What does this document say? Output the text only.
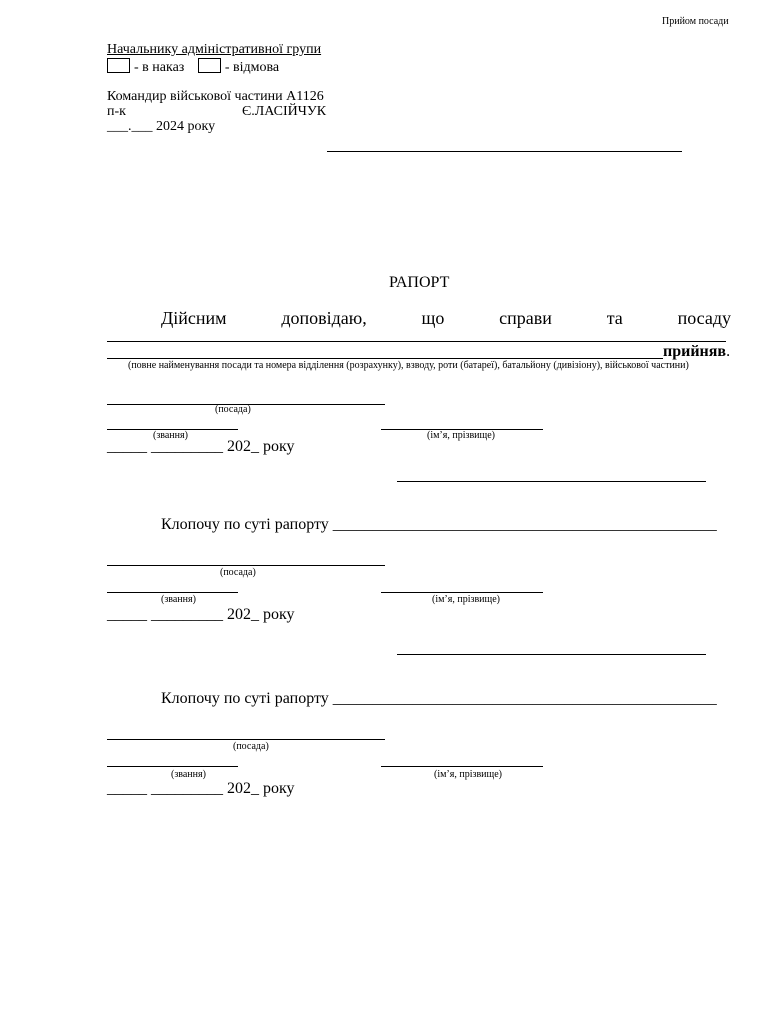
Прийом посади
Начальнику адміністративної групи
- в наказ	- відмова
Командир військової частини А1126
п-к	Є.ЛАСІЙЧУК
___.___ 2024 року
РАПОРТ
Дійсним	доповідаю,	що	справи	та	посаду
прийняв.
(повне найменування посади та номера відділення (розрахунку), взводу, роти (батареї), батальйону (дивізіону), військової частини)
(посада)
(звання)	(ім’я, прізвище)
_____ _________ 202_ року
Клопочу по суті рапорту ________________________________________________
(посада)
(звання)	(ім’я, прізвище)
_____ _________ 202_ року
Клопочу по суті рапорту ________________________________________________
(посада)
(звання)	(ім’я, прізвище)
_____ _________ 202_ року
